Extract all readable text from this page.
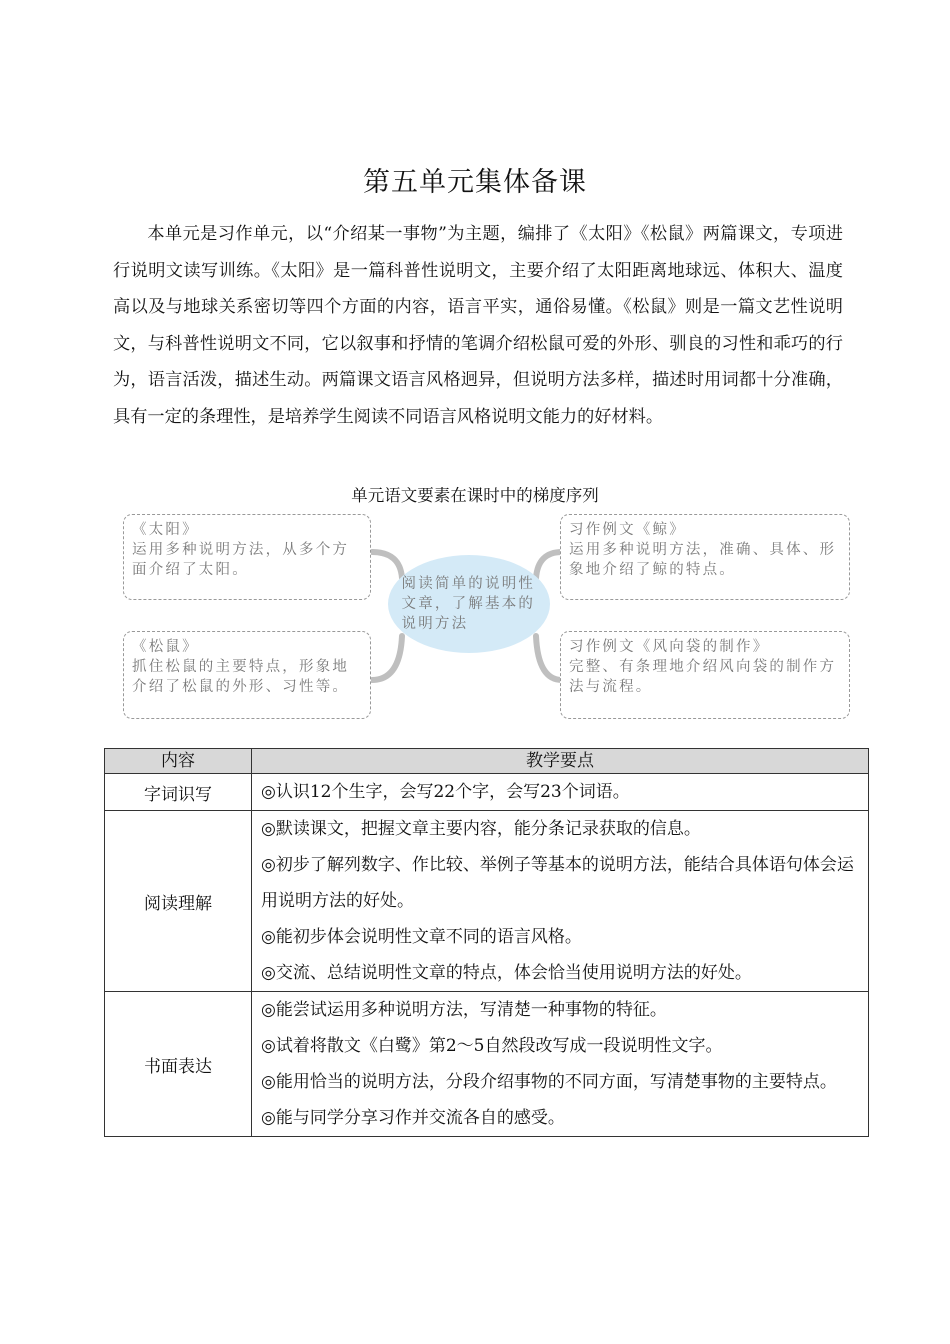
第五单元集体备课

本单元是习作单元，以“介绍某一事物”为主题，编排了《太阳》《松鼠》两篇课文，专项进行说明文读写训练。《太阳》是一篇科普性说明文，主要介绍了太阳距离地球远、体积大、温度高以及与地球关系密切等四个方面的内容，语言平实，通俗易懂。《松鼠》则是一篇文艺性说明文，与科普性说明文不同，它以叙事和抒情的笔调介绍松鼠可爱的外形、驯良的习性和乖巧的行为，语言活泼，描述生动。两篇课文语言风格迥异，但说明方法多样，描述时用词都十分准确，具有一定的条理性，是培养学生阅读不同语言风格说明文能力的好材料。

单元语文要素在课时中的梯度序列
阅读简单的说明性文章，了解基本的说明方法
《太阳》
运用多种说明方法，从多个方面介绍了太阳。
《松鼠》
抓住松鼠的主要特点，形象地介绍了松鼠的外形、习性等。
习作例文《鲸》
运用多种说明方法，准确、具体、形象地介绍了鲸的特点。
习作例文《风向袋的制作》
完整、有条理地介绍风向袋的制作方法与流程。
内容	教学要点
字词识写	◎认识12个生字，会写22个字，会写23个词语。

阅读理解	◎默读课文，把握文章主要内容，能分条记录获取的信息。

◎初步了解列数字、作比较、举例子等基本的说明方法，能结合具体语句体会运用说明方法的好处。

◎能初步体会说明性文章不同的语言风格。

◎交流、总结说明性文章的特点，体会恰当使用说明方法的好处。

书面表达	◎能尝试运用多种说明方法，写清楚一种事物的特征。

◎试着将散文《白鹭》第2～5自然段改写成一段说明性文字。

◎能用恰当的说明方法，分段介绍事物的不同方面，写清楚事物的主要特点。

◎能与同学分享习作并交流各自的感受。
